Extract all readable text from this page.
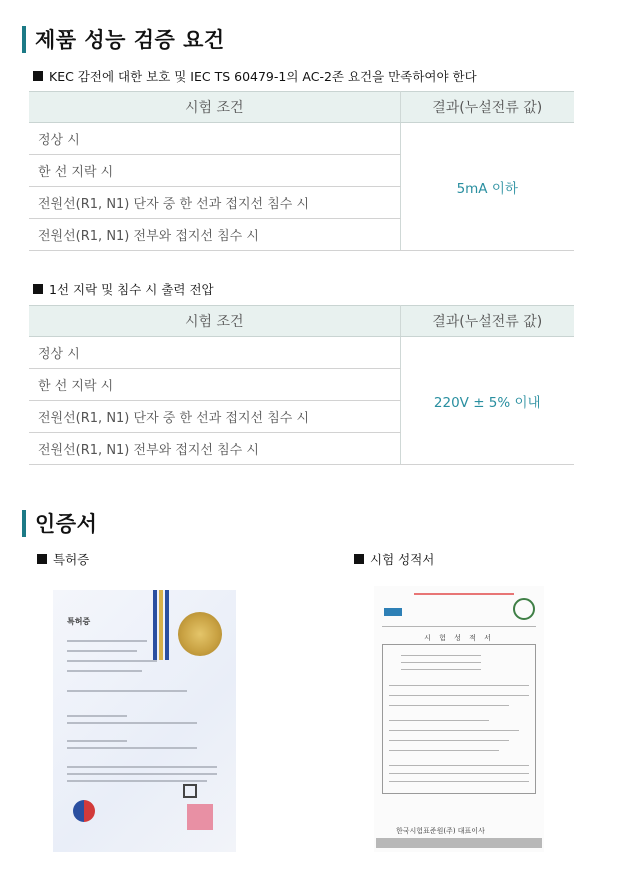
제품 성능 검증 요건
KEC 감전에 대한 보호 및 IEC TS 60479-1의 AC-2존 요건을 만족하여야 한다
시험 조건	결과(누설전류 값)
정상 시	5mA 이하
한 선 지락 시	
전원선(R1, N1) 단자 중 한 선과 접지선 침수 시	
전원선(R1, N1) 전부와 접지선 침수 시	
1선 지락 및 침수 시 출력 전압
시험 조건	결과(누설전류 값)
정상 시	220V ± 5% 이내
한 선 지락 시	
전원선(R1, N1) 단자 중 한 선과 접지선 침수 시	
전원선(R1, N1) 전부와 접지선 침수 시	
인증서
특허증	시험 성적서
특허증
시 험 성 적 서
한국시험표준원(주) 대표이사
